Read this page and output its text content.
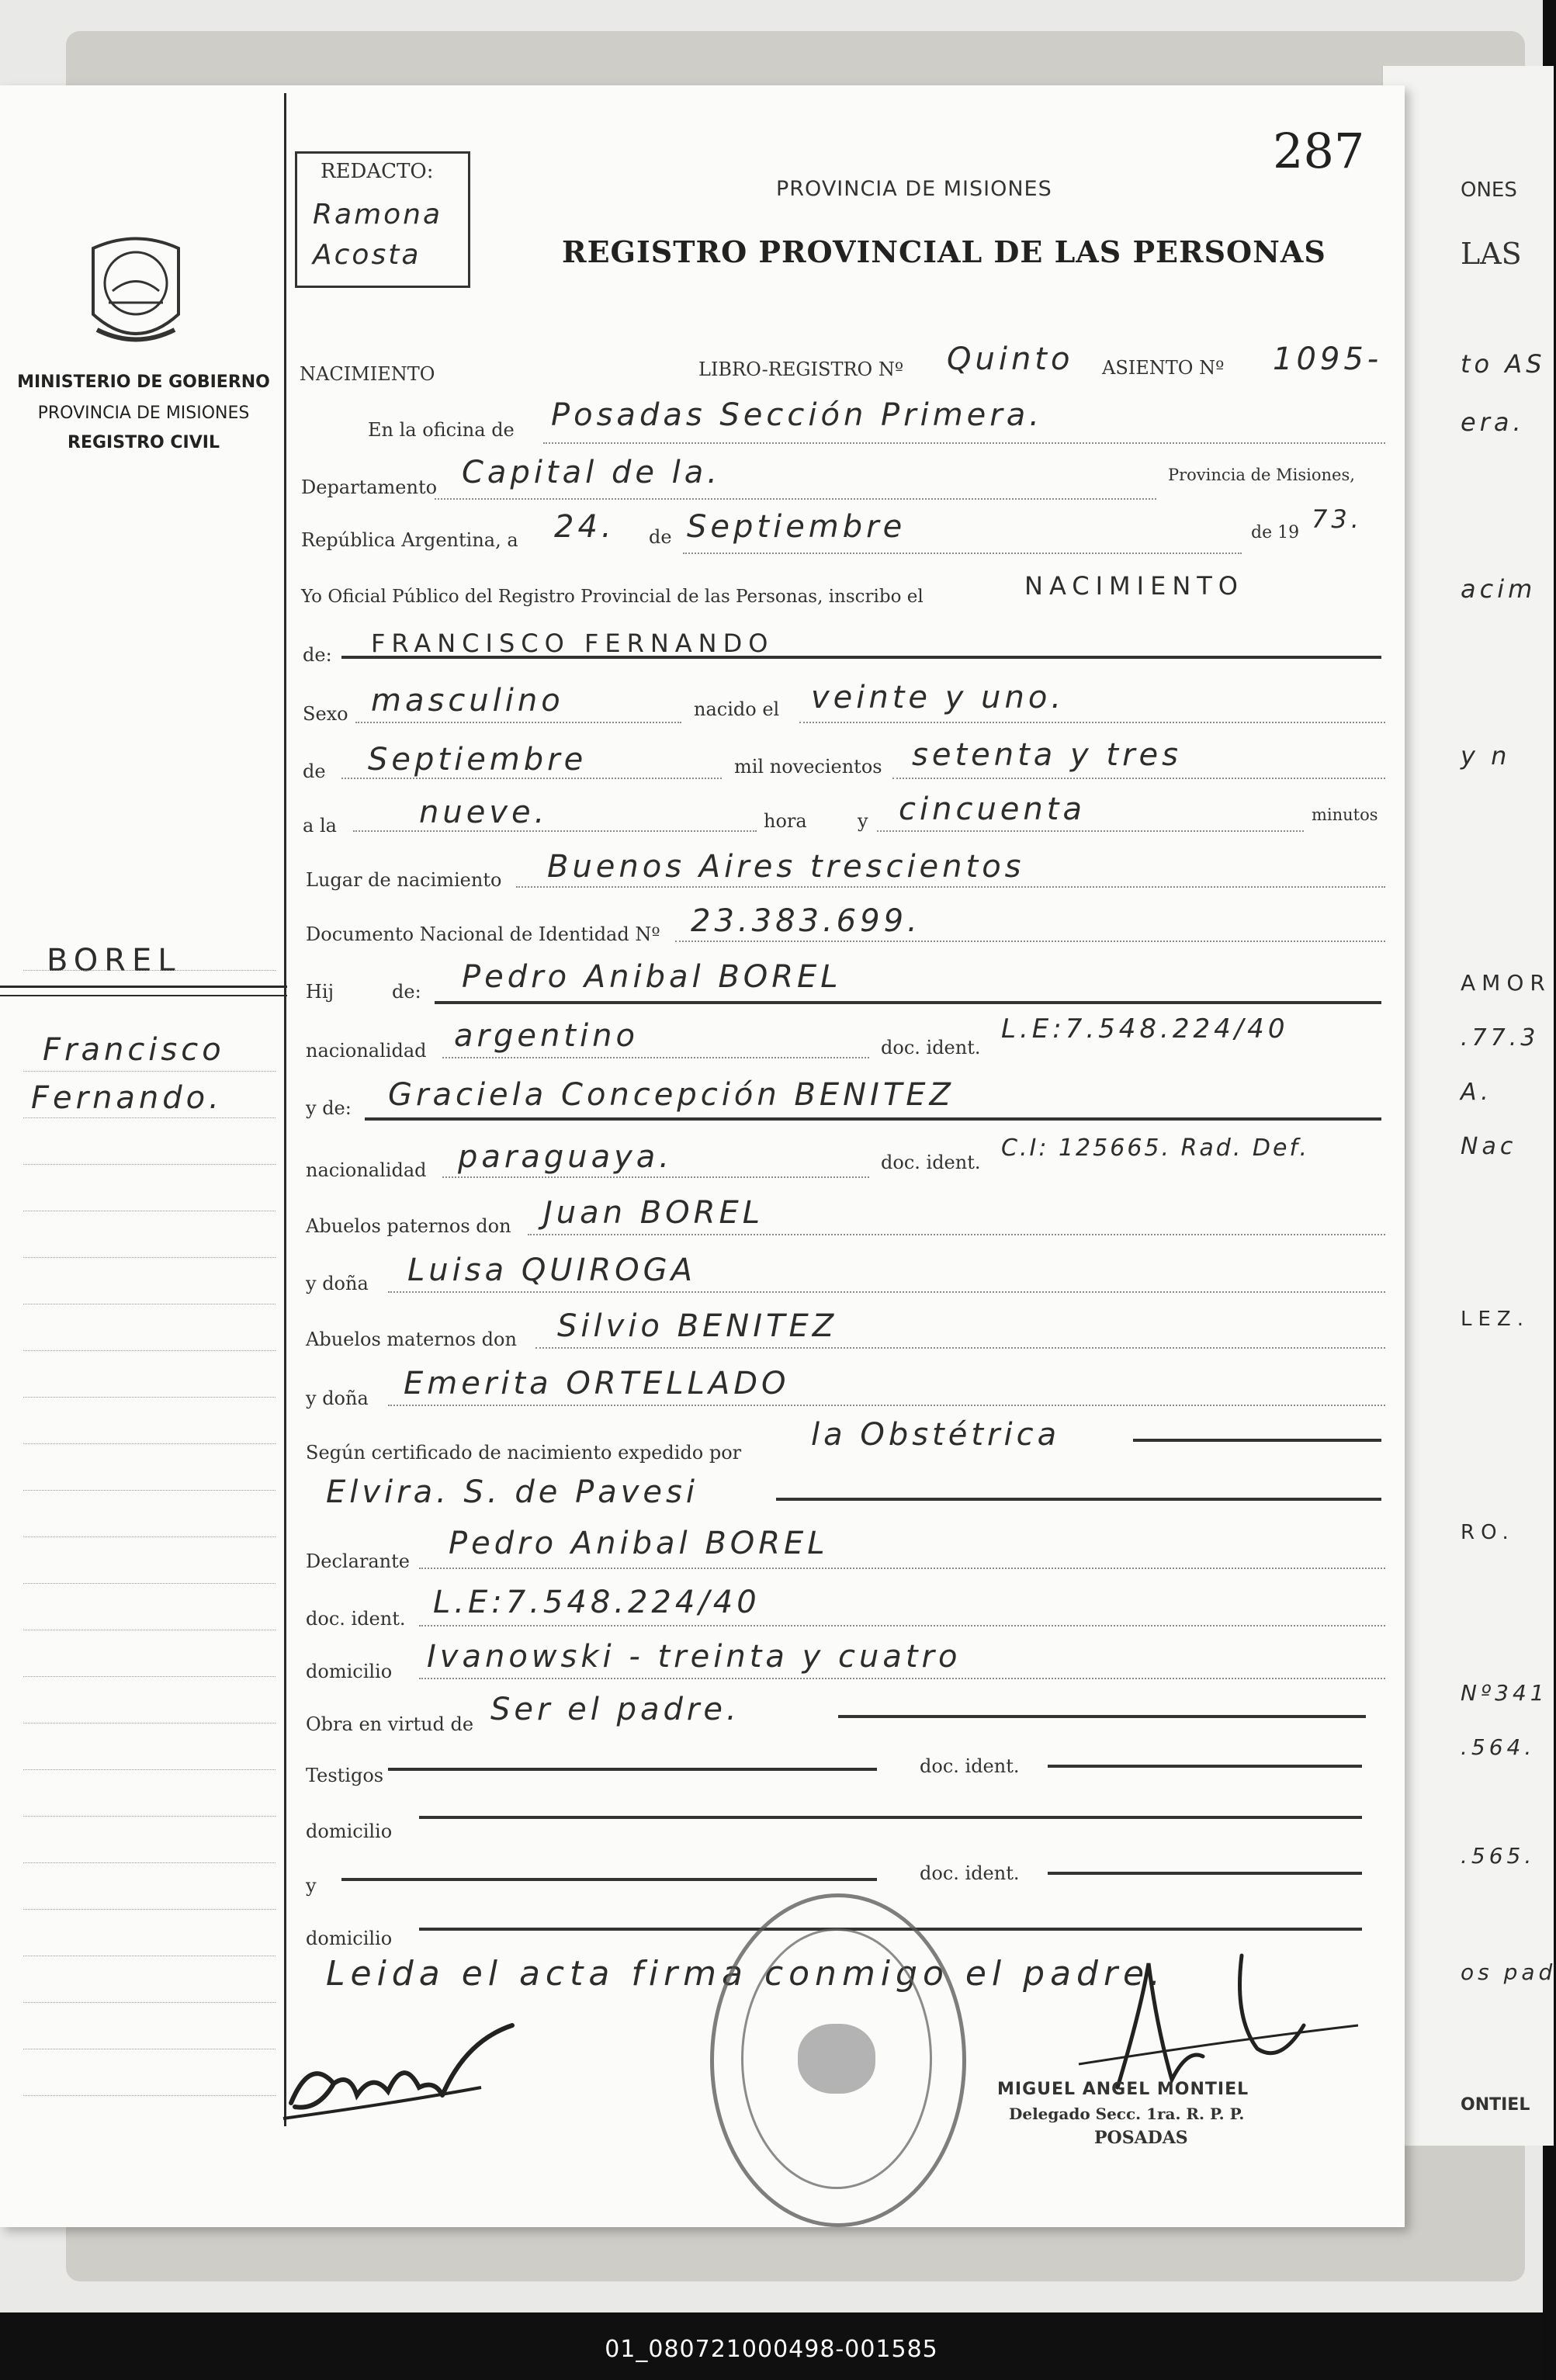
ONES
LAS
to AS
era.
acim
y n
AMOR
.77.3
A.
Nac
LEZ.
RO.
Nº341
.564.
.565.
os pad
ONTIEL
MINISTERIO DE GOBIERNO
PROVINCIA DE MISIONES
REGISTRO CIVIL
BOREL
Francisco
Fernando.
REDACTO:
Ramona
Acosta
287
PROVINCIA DE MISIONES
REGISTRO PROVINCIAL DE LAS PERSONAS
NACIMIENTO	LIBRO-REGISTRO Nº Quinto ASIENTO Nº 1095-
En la oficina de Posadas Sección Primera.
Departamento Capital de la.	Provincia de Misiones,
República Argentina, a 24. de Septiembre	de 19 73.
Yo Oficial Público del Registro Provincial de las Personas, inscribo el	NACIMIENTO
de: FRANCISCO FERNANDO
Sexo masculino	nacido el veinte y uno.
de Septiembre	mil novecientos setenta y tres
a la	nueve.	hora	y cincuenta	minutos
Lugar de nacimiento Buenos Aires trescientos
Documento Nacional de Identidad Nº 23.383.699.
Hij	de: Pedro Anibal BOREL
nacionalidad argentino	doc. ident.
L.E:7.548.224/40
y de: Graciela Concepción BENITEZ
nacionalidad paraguaya.	doc. ident.
C.I: 125665. Rad. Def.
Abuelos paternos don Juan BOREL
y doña Luisa QUIROGA
Abuelos maternos don Silvio BENITEZ
y doña Emerita ORTELLADO
Según certificado de nacimiento expedido por la Obstétrica
Elvira. S. de Pavesi
Declarante Pedro Anibal BOREL
doc. ident. L.E:7.548.224/40
domicilio Ivanowski - treinta y cuatro
Obra en virtud de Ser el padre.
Testigos	doc. ident.
domicilio
y
doc. ident.
domicilio
Leida el acta firma conmigo el padre.
MIGUEL ANGEL MONTIEL
Delegado Secc. 1ra. R. P. P.
POSADAS
01_080721000498-001585
